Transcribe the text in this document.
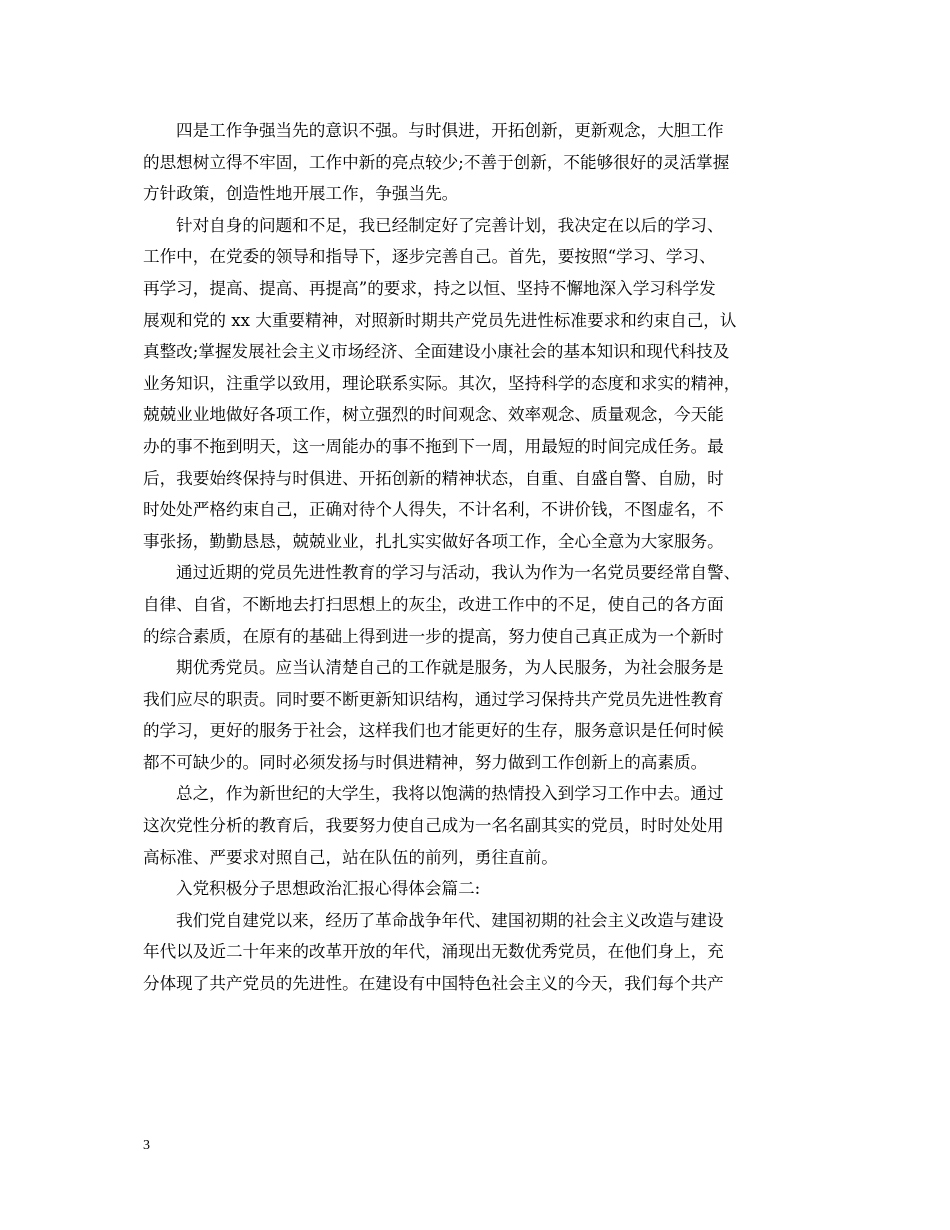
四是工作争强当先的意识不强。与时俱进，开拓创新，更新观念，大胆工作
的思想树立得不牢固，工作中新的亮点较少;不善于创新，不能够很好的灵活掌握
方针政策，创造性地开展工作，争强当先。
针对自身的问题和不足，我已经制定好了完善计划，我决定在以后的学习、
工作中，在党委的领导和指导下，逐步完善自己。首先，要按照“学习、学习、
再学习，提高、提高、再提高”的要求，持之以恒、坚持不懈地深入学习科学发
展观和党的 xx 大重要精神，对照新时期共产党员先进性标准要求和约束自己，认
真整改;掌握发展社会主义市场经济、全面建设小康社会的基本知识和现代科技及
业务知识，注重学以致用，理论联系实际。其次，坚持科学的态度和求实的精神，
兢兢业业地做好各项工作，树立强烈的时间观念、效率观念、质量观念，今天能
办的事不拖到明天，这一周能办的事不拖到下一周，用最短的时间完成任务。最
后，我要始终保持与时俱进、开拓创新的精神状态，自重、自盛自警、自励，时
时处处严格约束自己，正确对待个人得失，不计名利，不讲价钱，不图虚名，不
事张扬，勤勤恳恳，兢兢业业，扎扎实实做好各项工作，全心全意为大家服务。
通过近期的党员先进性教育的学习与活动，我认为作为一名党员要经常自警、
自律、自省，不断地去打扫思想上的灰尘，改进工作中的不足，使自己的各方面
的综合素质，在原有的基础上得到进一步的提高，努力使自己真正成为一个新时
期优秀党员。应当认清楚自己的工作就是服务，为人民服务，为社会服务是
我们应尽的职责。同时要不断更新知识结构，通过学习保持共产党员先进性教育
的学习，更好的服务于社会，这样我们也才能更好的生存，服务意识是任何时候
都不可缺少的。同时必须发扬与时俱进精神，努力做到工作创新上的高素质。
总之，作为新世纪的大学生，我将以饱满的热情投入到学习工作中去。通过
这次党性分析的教育后，我要努力使自己成为一名名副其实的党员，时时处处用
高标准、严要求对照自己，站在队伍的前列，勇往直前。
入党积极分子思想政治汇报心得体会篇二:
我们党自建党以来，经历了革命战争年代、建国初期的社会主义改造与建设
年代以及近二十年来的改革开放的年代，涌现出无数优秀党员，在他们身上，充
分体现了共产党员的先进性。在建设有中国特色社会主义的今天，我们每个共产
3
